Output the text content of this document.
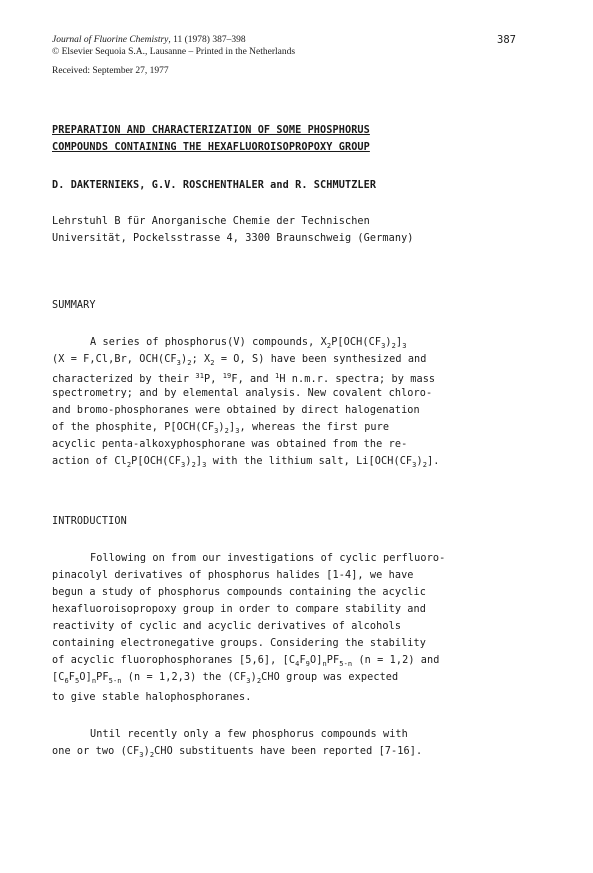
Journal of Fluorine Chemistry, 11 (1978) 387–398	387
© Elsevier Sequoia S.A., Lausanne – Printed in the Netherlands
Received: September 27, 1977
PREPARATION AND CHARACTERIZATION OF SOME PHOSPHORUS
COMPOUNDS CONTAINING THE HEXAFLUOROISOPROPOXY GROUP
D. DAKTERNIEKS, G.V. ROSCHENTHALER and R. SCHMUTZLER
Lehrstuhl B für Anorganische Chemie der Technischen
Universität, Pockelsstrasse 4, 3300 Braunschweig (Germany)
SUMMARY
A series of phosphorus(V) compounds, $X_2P[OCH(CF_3)_2]_3$
(X = F,Cl,Br, $OCH(CF_3)_2$; $X_2 = O$, S) have been synthesized and
characterized by their $^{31}$P, $^{19}$F, and $^1$H n.m.r. spectra; by mass
spectrometry; and by elemental analysis. New covalent chloro-
and bromo-phosphoranes were obtained by direct halogenation
of the phosphite, $P[OCH(CF_3)_2]_3$, whereas the first pure
acyclic penta-alkoxyphosphorane was obtained from the re-
action of $Cl_2P[OCH(CF_3)_2]_3$ with the lithium salt, $Li[OCH(CF_3)_2]$.
INTRODUCTION
Following on from our investigations of cyclic perfluoro-
pinacolyl derivatives of phosphorus halides [1-4], we have
begun a study of phosphorus compounds containing the acyclic
hexafluoroisopropoxy group in order to compare stability and
reactivity of cyclic and acyclic derivatives of alcohols
containing electronegative groups. Considering the stability
of acyclic fluorophosphoranes [5,6], $[C_4F_9O]_nPF_{5-n}$ (n = 1,2) and
$[C_6F_5O]_nPF_{5-n}$ (n = 1,2,3) the $(CF_3)_2CHO$ group was expected
to give stable halophosphoranes.
Until recently only a few phosphorus compounds with
one or two $(CF_3)_2CHO$ substituents have been reported [7-16].
